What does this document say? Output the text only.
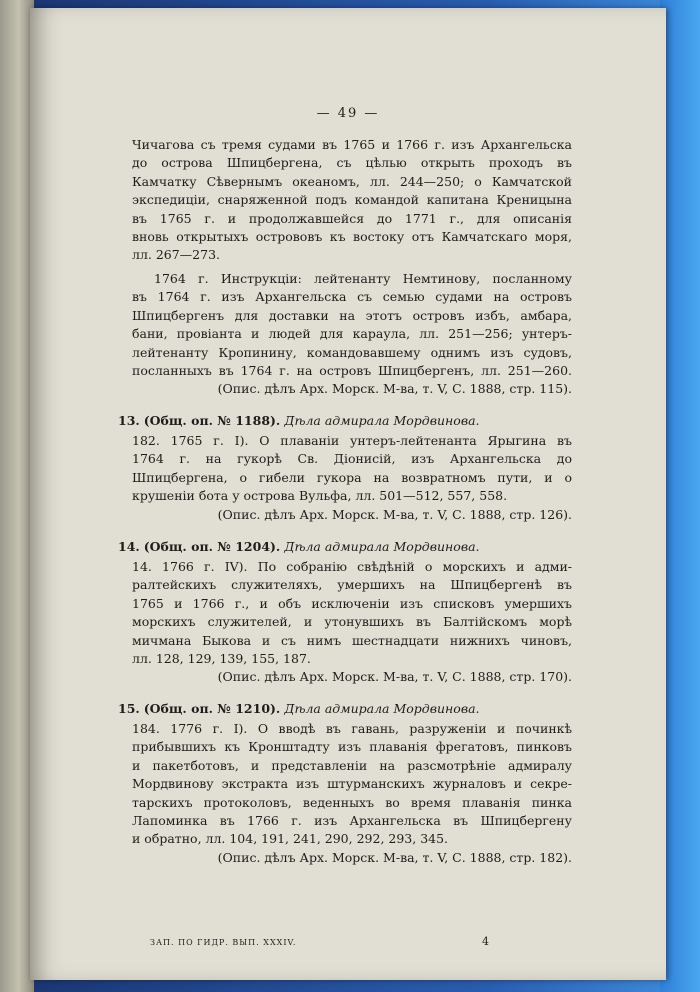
— 49 —
Чичагова съ тремя судами въ 1765 и 1766 г. изъ Архангельска
до острова Шпицбергена, съ цѣлью открыть проходъ въ
Камчатку Сѣвернымъ океаномъ, лл. 244—250; о Камчатской
экспедиціи, снаряженной подъ командой капитана Креницына
въ 1765 г. и продолжавшейся до 1771 г., для описанія
вновь открытыхъ острововъ къ востоку отъ Камчатскаго моря,
лл. 267—273.
1764 г. Инструкціи: лейтенанту Немтинову, посланному
въ 1764 г. изъ Архангельска съ семью судами на островъ
Шпицбергенъ для доставки на этотъ островъ избъ, амбара,
бани, провіанта и людей для караула, лл. 251—256; унтеръ-
лейтенанту Кропинину, командовавшему однимъ изъ судовъ,
посланныхъ въ 1764 г. на островъ Шпицбергенъ, лл. 251—260.
(Опис. дѣлъ Арх. Морск. М-ва, т. V, С. 1888, стр. 115).
13. (Общ. оп. № 1188). Дѣла адмирала Мордвинова.
182. 1765 г. I). О плаваніи унтеръ-лейтенанта Ярыгина въ
1764 г. на гукорѣ Св. Діонисій, изъ Архангельска до
Шпицбергена, о гибели гукора на возвратномъ пути, и о
крушеніи бота у острова Вульфа, лл. 501—512, 557, 558.
(Опис. дѣлъ Арх. Морск. М-ва, т. V, С. 1888, стр. 126).
14. (Общ. оп. № 1204). Дѣла адмирала Мордвинова.
14. 1766 г. IV). По собранію свѣдѣній о морскихъ и адми-
ралтейскихъ служителяхъ, умершихъ на Шпицбергенѣ въ
1765 и 1766 г., и объ исключеніи изъ списковъ умершихъ
морскихъ служителей, и утонувшихъ въ Балтійскомъ морѣ
мичмана Быкова и съ нимъ шестнадцати нижнихъ чиновъ,
лл. 128, 129, 139, 155, 187.
(Опис. дѣлъ Арх. Морск. М-ва, т. V, С. 1888, стр. 170).
15. (Общ. оп. № 1210). Дѣла адмирала Мордвинова.
184. 1776 г. I). О вводѣ въ гавань, разруженіи и починкѣ
прибывшихъ къ Кронштадту изъ плаванія фрегатовъ, пинковъ
и пакетботовъ, и представленіи на разсмотрѣніе адмиралу
Мордвинову экстракта изъ штурманскихъ журналовъ и секре-
тарскихъ протоколовъ, веденныхъ во время плаванія пинка
Лапоминка въ 1766 г. изъ Архангельска въ Шпицбергену
и обратно, лл. 104, 191, 241, 290, 292, 293, 345.
(Опис. дѣлъ Арх. Морск. М-ва, т. V, С. 1888, стр. 182).
ЗАП. ПО ГИДР. ВЫП. XXXIV.	4
